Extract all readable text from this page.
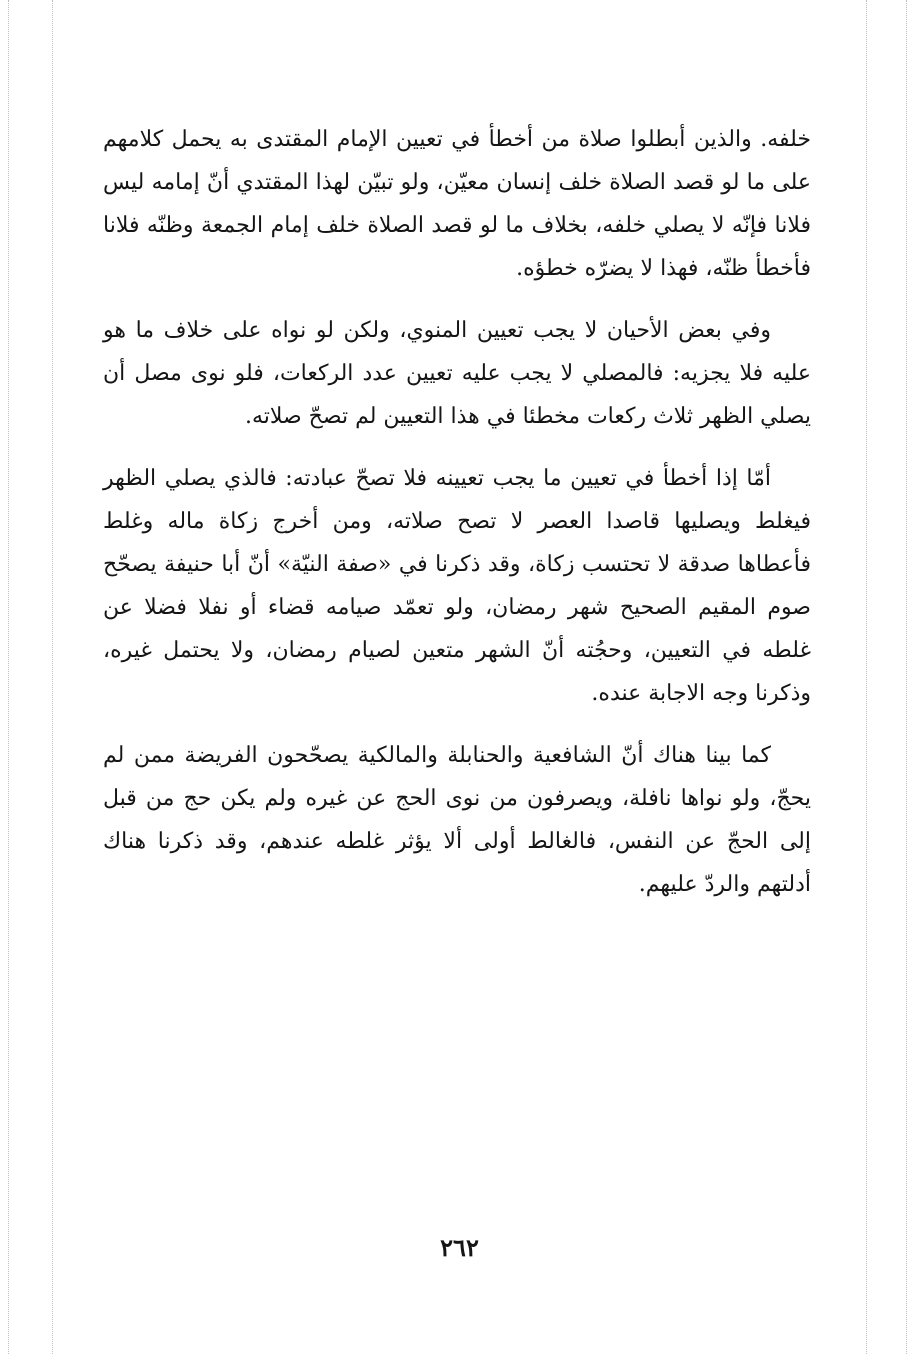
خلفه. والذين أبطلوا صلاة من أخطأ في تعيين الإمام المقتدى به يحمل كلامهم على ما لو قصد الصلاة خلف إنسان معيّن، ولو تبيّن لهذا المقتدي أنّ إمامه ليس فلانا فإنّه لا يصلي خلفه، بخلاف ما لو قصد الصلاة خلف إمام الجمعة وظنّه فلانا فأخطأ ظنّه، فهذا لا يضرّه خطؤه.

وفي بعض الأحيان لا يجب تعيين المنوي، ولكن لو نواه على خلاف ما هو عليه فلا يجزيه: فالمصلي لا يجب عليه تعيين عدد الركعات، فلو نوى مصل أن يصلي الظهر ثلاث ركعات مخطئا في هذا التعيين لم تصحّ صلاته.

أمّا إذا أخطأ في تعيين ما يجب تعيينه فلا تصحّ عبادته: فالذي يصلي الظهر فيغلط ويصليها قاصدا العصر لا تصح صلاته، ومن أخرج زكاة ماله وغلط فأعطاها صدقة لا تحتسب زكاة، وقد ذكرنا في «صفة النيّة» أنّ أبا حنيفة يصحّح صوم المقيم الصحيح شهر رمضان، ولو تعمّد صيامه قضاء أو نفلا فضلا عن غلطه في التعيين، وحجُته أنّ الشهر متعين لصيام رمضان، ولا يحتمل غيره، وذكرنا وجه الاجابة عنده.

كما بينا هناك أنّ الشافعية والحنابلة والمالكية يصحّحون الفريضة ممن لم يحجّ، ولو نواها نافلة، ويصرفون من نوى الحج عن غيره ولم يكن حج من قبل إلى الحجّ عن النفس، فالغالط أولى ألا يؤثر غلطه عندهم، وقد ذكرنا هناك أدلتهم والردّ عليهم.

٢٦٢
